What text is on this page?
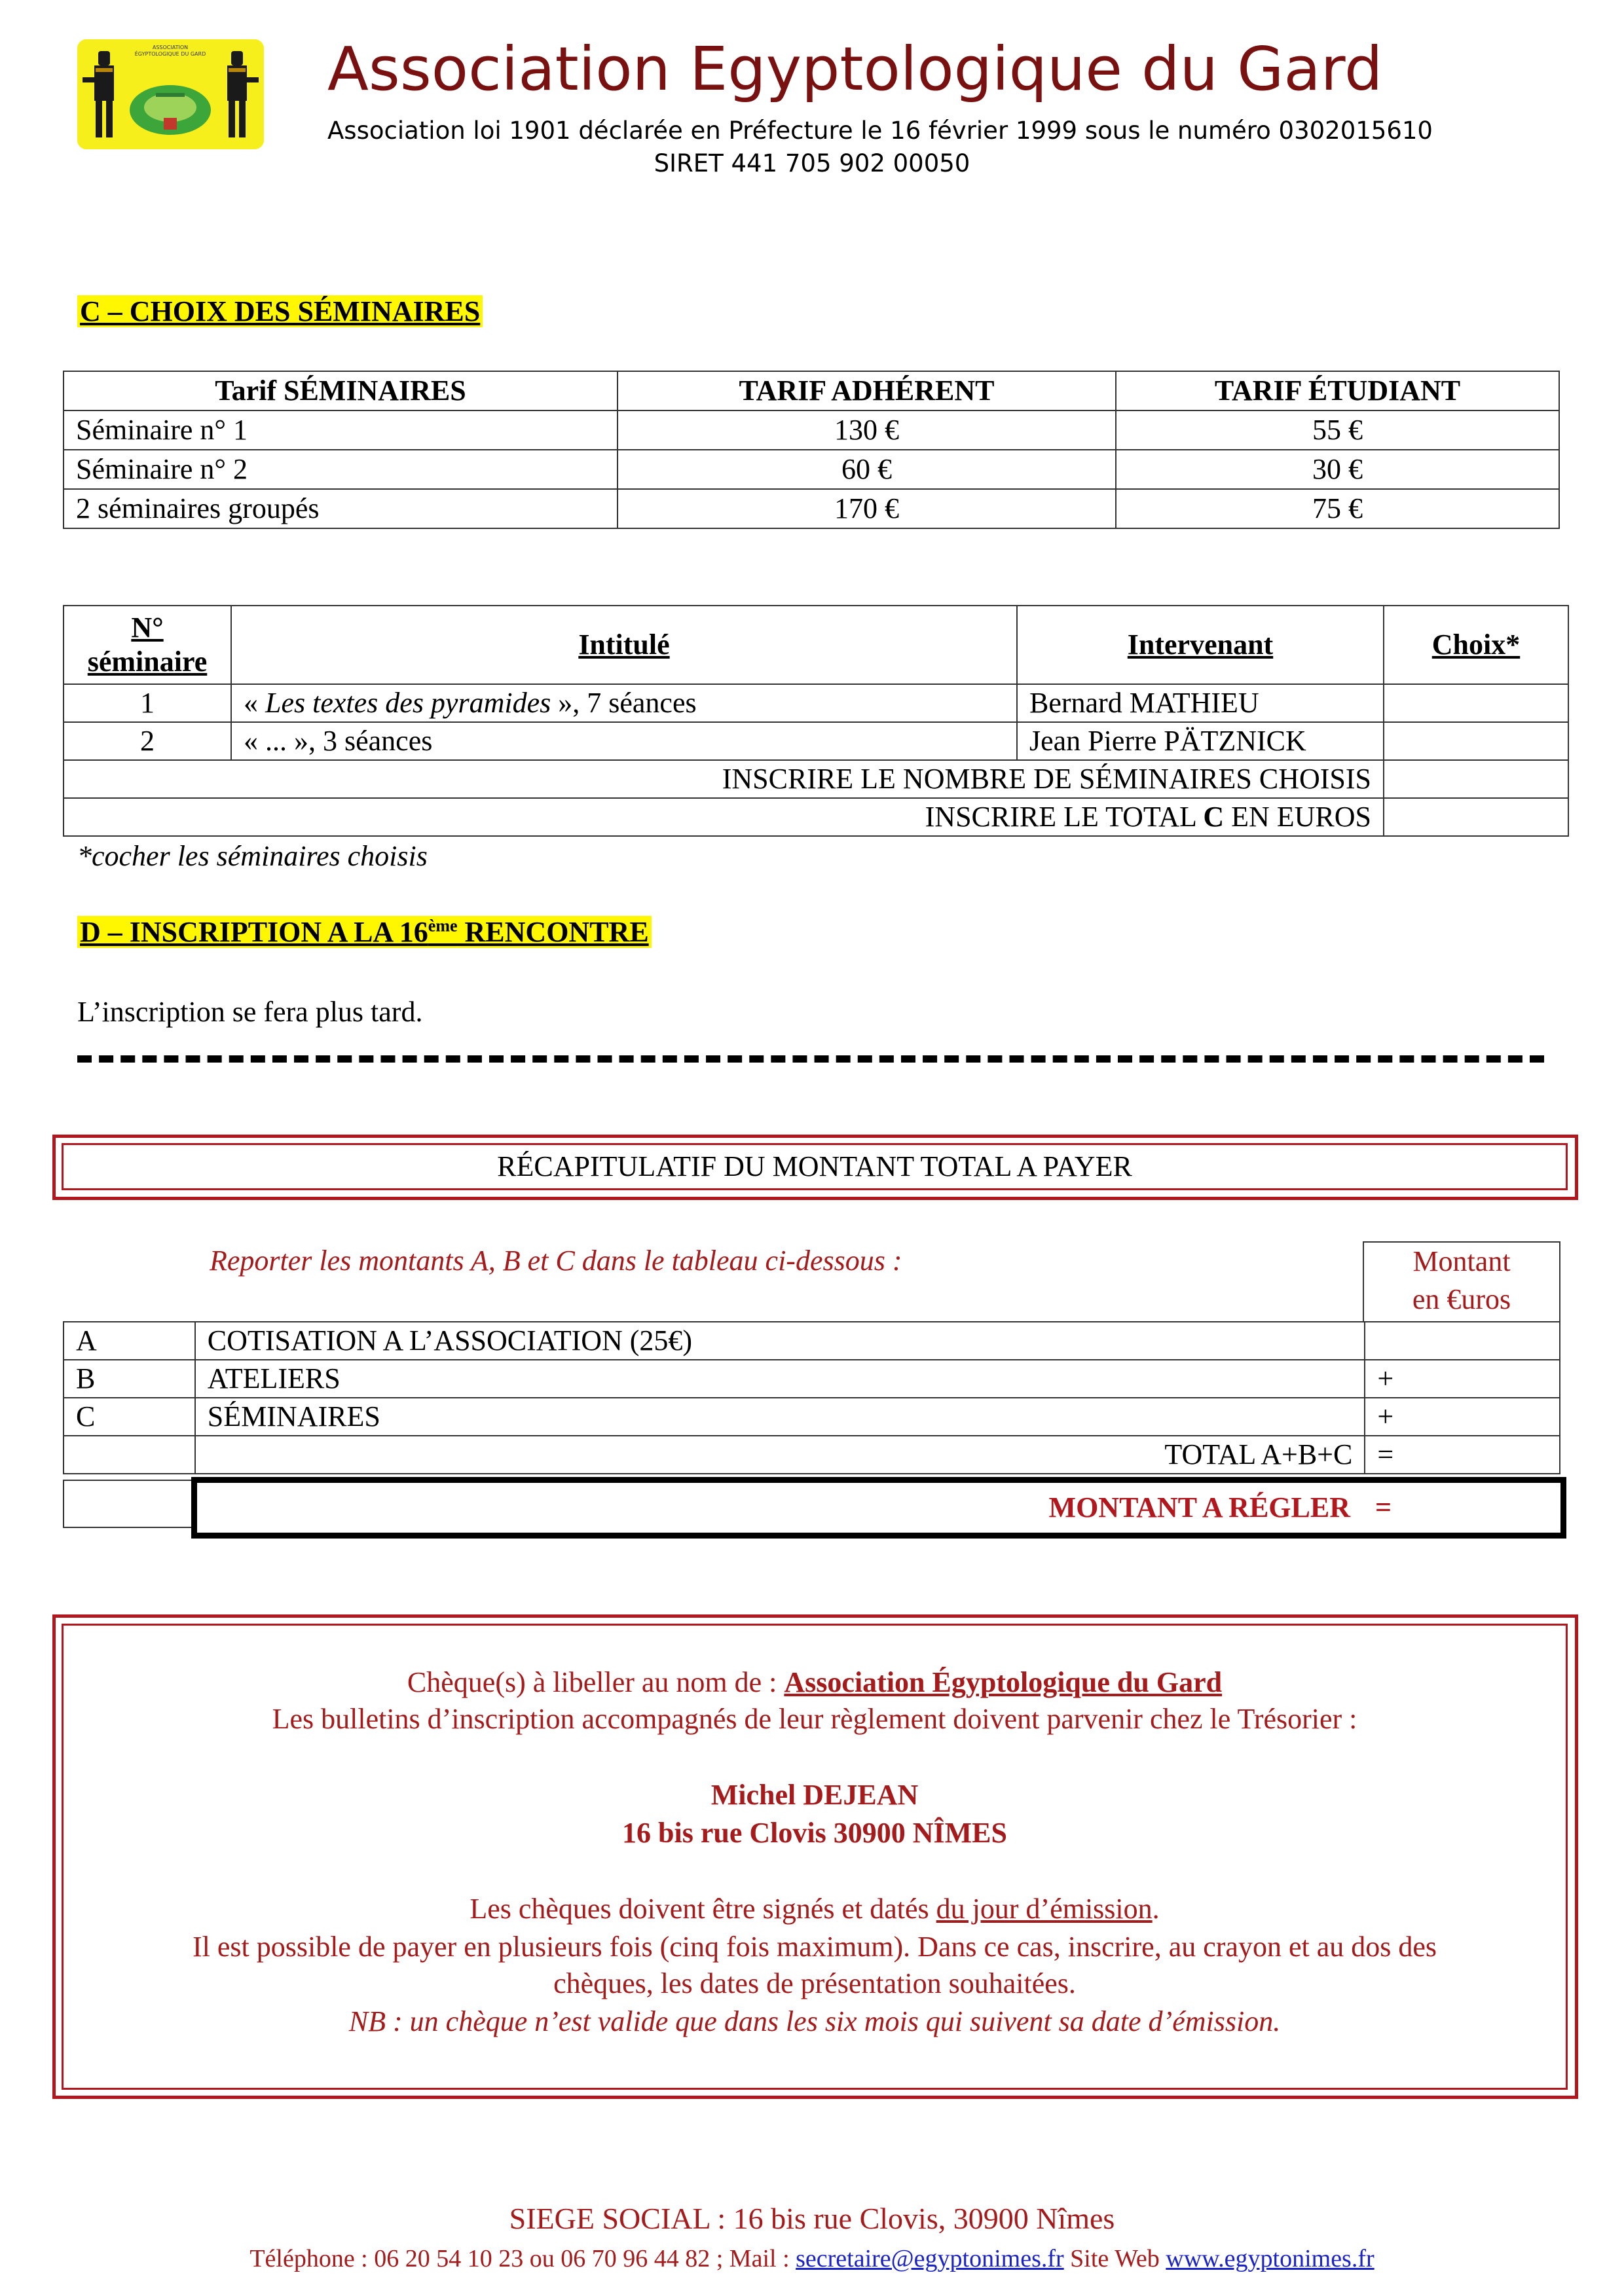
ASSOCIATION ÉGYPTOLOGIQUE DU GARD Association Egyptologique du Gard
Association loi 1901 déclarée en Préfecture le 16 février 1999 sous le numéro 0302015610
SIRET 441 705 902 00050
C – CHOIX DES SÉMINAIRES
Tarif SÉMINAIRES	TARIF ADHÉRENT	TARIF ÉTUDIANT
Séminaire n° 1	130 €	55 €
Séminaire n° 2	60 €	30 €
2 séminaires groupés	170 €	75 €
N°
séminaire	Intitulé	Intervenant	Choix*
1	« Les textes des pyramides », 7 séances	Bernard MATHIEU	
2	« ... », 3 séances	Jean Pierre PÄTZNICK	
INSCRIRE LE NOMBRE DE SÉMINAIRES CHOISIS			
INSCRIRE LE TOTAL C EN EUROS			
*cocher les séminaires choisis
D – INSCRIPTION A LA 16ème RENCONTRE
L’inscription se fera plus tard.
RÉCAPITULATIF DU MONTANT TOTAL A PAYER
Reporter les montants A, B et C dans le tableau ci-dessous :	Montant
en €uros
A	COTISATION A L’ASSOCIATION (25€)	
B	ATELIERS	+
C	SÉMINAIRES	+
	TOTAL A+B+C	=
MONTANT A RÉGLER =
Chèque(s) à libeller au nom de : Association Égyptologique du Gard
Les bulletins d’inscription accompagnés de leur règlement doivent parvenir chez le Trésorier :
Michel DEJEAN
16 bis rue Clovis 30900 NÎMES
Les chèques doivent être signés et datés du jour d’émission.
Il est possible de payer en plusieurs fois (cinq fois maximum). Dans ce cas, inscrire, au crayon et au dos des
chèques, les dates de présentation souhaitées.
NB : un chèque n’est valide que dans les six mois qui suivent sa date d’émission.
SIEGE SOCIAL : 16 bis rue Clovis, 30900 Nîmes
Téléphone : 06 20 54 10 23 ou 06 70 96 44 82 ; Mail : secretaire@egyptonimes.fr Site Web www.egyptonimes.fr
